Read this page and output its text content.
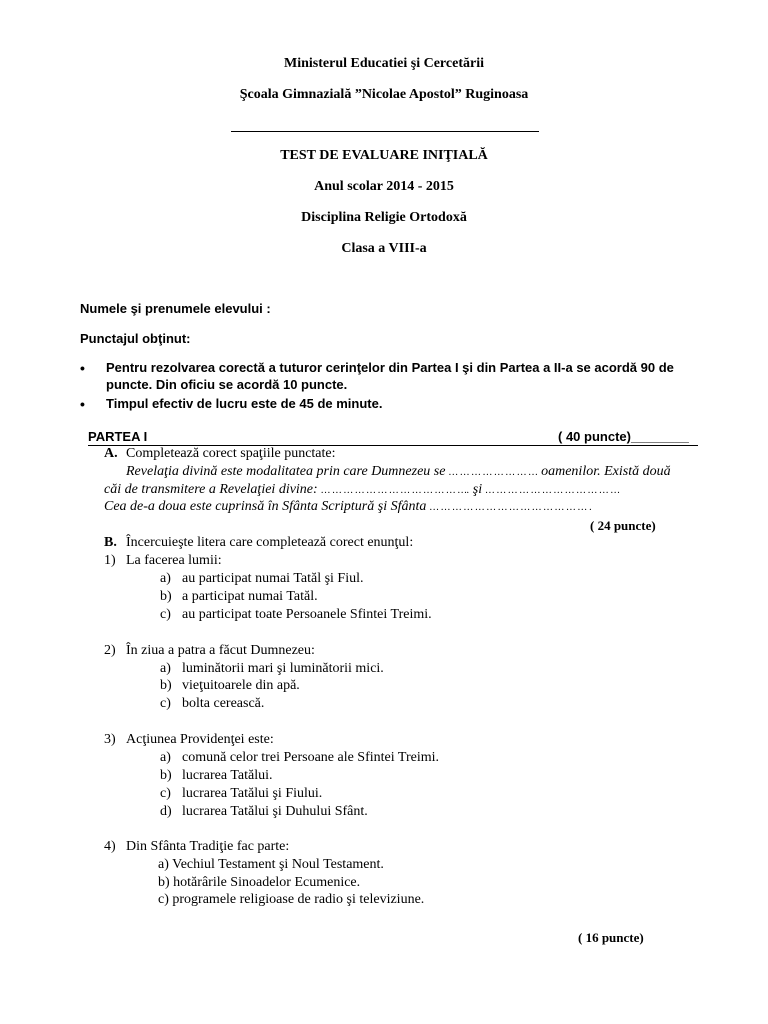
Ministerul Educatiei şi Cercetării
Şcoala Gimnazială ”Nicolae Apostol” Ruginoasa
TEST DE EVALUARE INIŢIALĂ
Anul scolar 2014 - 2015
Disciplina Religie Ortodoxă
Clasa a VIII-a
Numele şi prenumele elevului :
Punctajul obţinut:
• Pentru rezolvarea corectă a tuturor cerinţelor din Partea I şi din Partea a II-a se acordă 90 de
puncte. Din oficiu se acordă 10 puncte.
• Timpul efectiv de lucru este de 45 de minute.
PARTEA I	( 40 puncte)________
A. Completează corect spaţiile punctate:
Revelaţia divină este modalitatea prin care Dumnezeu se … … … … … … … … oamenilor. Există două
căi de transmitere a Revelaţiei divine: … … … … … … … … … … … … …. şi … … … … … … … … … … … …
Cea de-a doua este cuprinsă în Sfânta Scriptură şi Sfânta … … … … … … … … … … … … … … .
( 24 puncte)
B. Încercuieşte litera care completează corect enunţul:
1) La facerea lumii:
a) au participat numai Tatăl şi Fiul.
b) a participat numai Tatăl.
c) au participat toate Persoanele Sfintei Treimi.
2) În ziua a patra a făcut Dumnezeu:
a) luminătorii mari şi luminătorii mici.
b) vieţuitoarele din apă.
c) bolta cerească.
3) Acţiunea Providenţei este:
a) comună celor trei Persoane ale Sfintei Treimi.
b) lucrarea Tatălui.
c) lucrarea Tatălui şi Fiului.
d) lucrarea Tatălui şi Duhului Sfânt.
4) Din Sfânta Tradiţie fac parte:
a) Vechiul Testament şi Noul Testament.
b) hotărârile Sinoadelor Ecumenice.
c) programele religioase de radio şi televiziune.
( 16 puncte)
